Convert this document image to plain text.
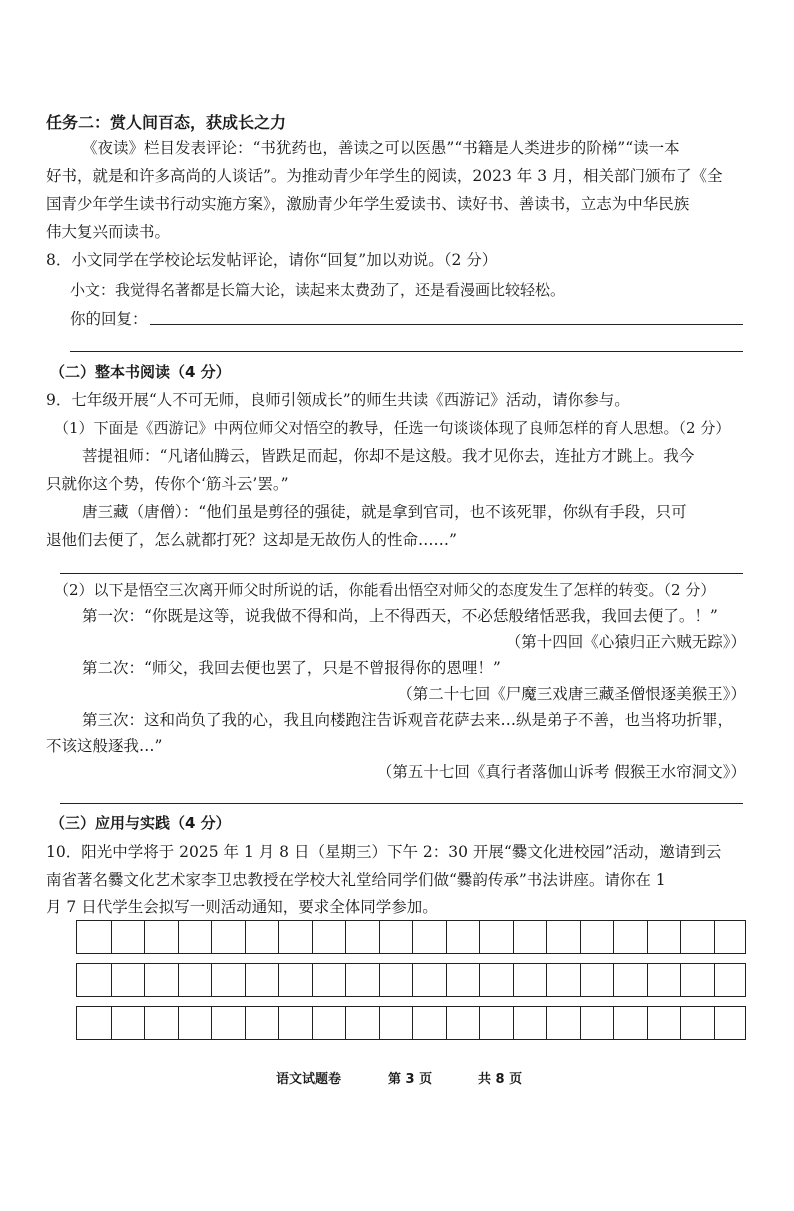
任务二：赏人间百态，获成长之力
《夜读》栏目发表评论：“书犹药也，善读之可以医愚”“书籍是人类进步的阶梯”“读一本
好书，就是和许多高尚的人谈话”。为推动青少年学生的阅读，2023 年 3 月，相关部门颁布了《全
国青少年学生读书行动实施方案》，激励青少年学生爱读书、读好书、善读书，立志为中华民族
伟大复兴而读书。
8．小文同学在学校论坛发帖评论，请你“回复”加以劝说。（2 分）
小文：我觉得名著都是长篇大论，读起来太费劲了，还是看漫画比较轻松。
你的回复：
（二）整本书阅读（4 分）
9．七年级开展“人不可无师，良师引领成长”的师生共读《西游记》活动，请你参与。
（1）下面是《西游记》中两位师父对悟空的教导，任选一句谈谈体现了良师怎样的育人思想。（2 分）
菩提祖师：“凡诸仙腾云，皆跌足而起，你却不是这般。我才见你去，连扯方才跳上。我今
只就你这个势，传你个‘筋斗云’罢。”
唐三藏（唐僧）：“他们虽是剪径的强徒，就是拿到官司，也不该死罪，你纵有手段，只可
退他们去便了，怎么就都打死？这却是无故伤人的性命……”
（2）以下是悟空三次离开师父时所说的话，你能看出悟空对师父的态度发生了怎样的转变。（2 分）
第一次：“你既是这等，说我做不得和尚，上不得西天，不必恁般绪恬恶我，我回去便了。！”
（第十四回《心猿归正六贼无踪》）
第二次：“师父，我回去便也罢了，只是不曾报得你的恩哩！”
（第二十七回《尸魔三戏唐三藏圣僧恨逐美猴王》）
第三次：这和尚负了我的心，我且向楼跑注告诉观音花萨去来…纵是弟子不善，也当将功折罪，
不该这般逐我…”
（第五十七回《真行者落伽山诉考 假猴王水帘洞文》）
（三）应用与实践（4 分）
10．阳光中学将于 2025 年 1 月 8 日（星期三）下午 2：30 开展“爨文化进校园”活动，邀请到云
南省著名爨文化艺术家李卫忠教授在学校大礼堂给同学们做“爨韵传承”书法讲座。请你在 1
月 7 日代学生会拟写一则活动通知，要求全体同学参加。
语文试题卷	第 3 页	共 8 页
